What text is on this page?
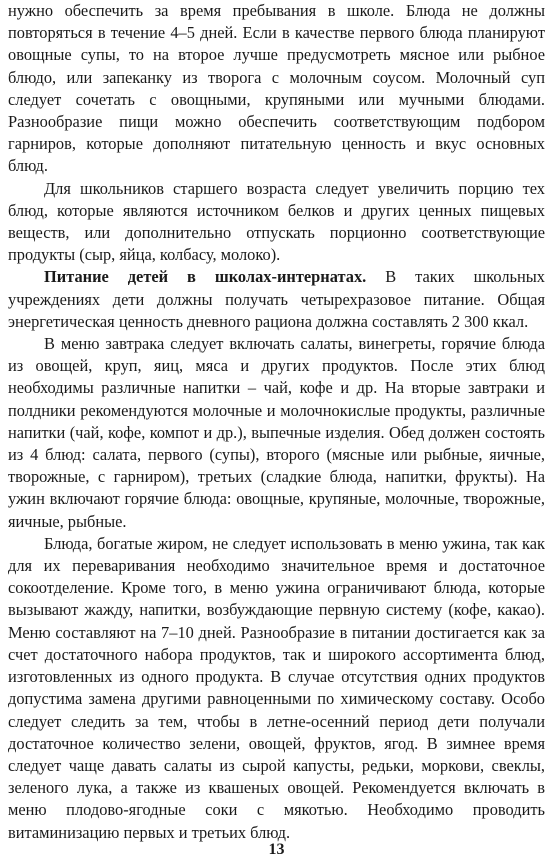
нужно обеспечить за время пребывания в школе. Блюда не должны повторяться в течение 4–5 дней. Если в качестве первого блюда планируют овощные супы, то на второе лучше предусмотреть мясное или рыбное блюдо, или запеканку из творога с молочным соусом. Молочный суп следует сочетать с овощными, крупяными или мучными блюдами. Разнообразие пищи можно обеспечить соответствующим подбором гарниров, которые дополняют питательную ценность и вкус основных блюд.

Для школьников старшего возраста следует увеличить порцию тех блюд, которые являются источником белков и других ценных пищевых веществ, или дополнительно отпускать порционно соответствующие продукты (сыр, яйца, колбасу, молоко).

Питание детей в школах-интернатах. В таких школьных учреждениях дети должны получать четырехразовое питание. Общая энергетическая ценность дневного рациона должна составлять 2 300 ккал.

В меню завтрака следует включать салаты, винегреты, горячие блюда из овощей, круп, яиц, мяса и других продуктов. После этих блюд необходимы различные напитки – чай, кофе и др. На вторые завтраки и полдники рекомендуются молочные и молочнокислые продукты, различные напитки (чай, кофе, компот и др.), выпечные изделия. Обед должен состоять из 4 блюд: салата, первого (супы), второго (мясные или рыбные, яичные, творожные, с гарниром), третьих (сладкие блюда, напитки, фрукты). На ужин включают горячие блюда: овощные, крупяные, молочные, творожные, яичные, рыбные.

Блюда, богатые жиром, не следует использовать в меню ужина, так как для их переваривания необходимо значительное время и достаточное сокоотделение. Кроме того, в меню ужина ограничивают блюда, которые вызывают жажду, напитки, возбуждающие первную систему (кофе, какао). Меню составляют на 7–10 дней. Разнообразие в питании достигается как за счет достаточного набора продуктов, так и широкого ассортимента блюд, изготовленных из одного продукта. В случае отсутствия одних продуктов допустима замена другими равноценными по химическому составу. Особо следует следить за тем, чтобы в летне-осенний период дети получали достаточное количество зелени, овощей, фруктов, ягод. В зимнее время следует чаще давать салаты из сырой капусты, редьки, моркови, свеклы, зеленого лука, а также из квашеных овощей. Рекомендуется включать в меню плодово-ягодные соки с мякотью. Необходимо проводить витаминизацию первых и третьих блюд.

13
